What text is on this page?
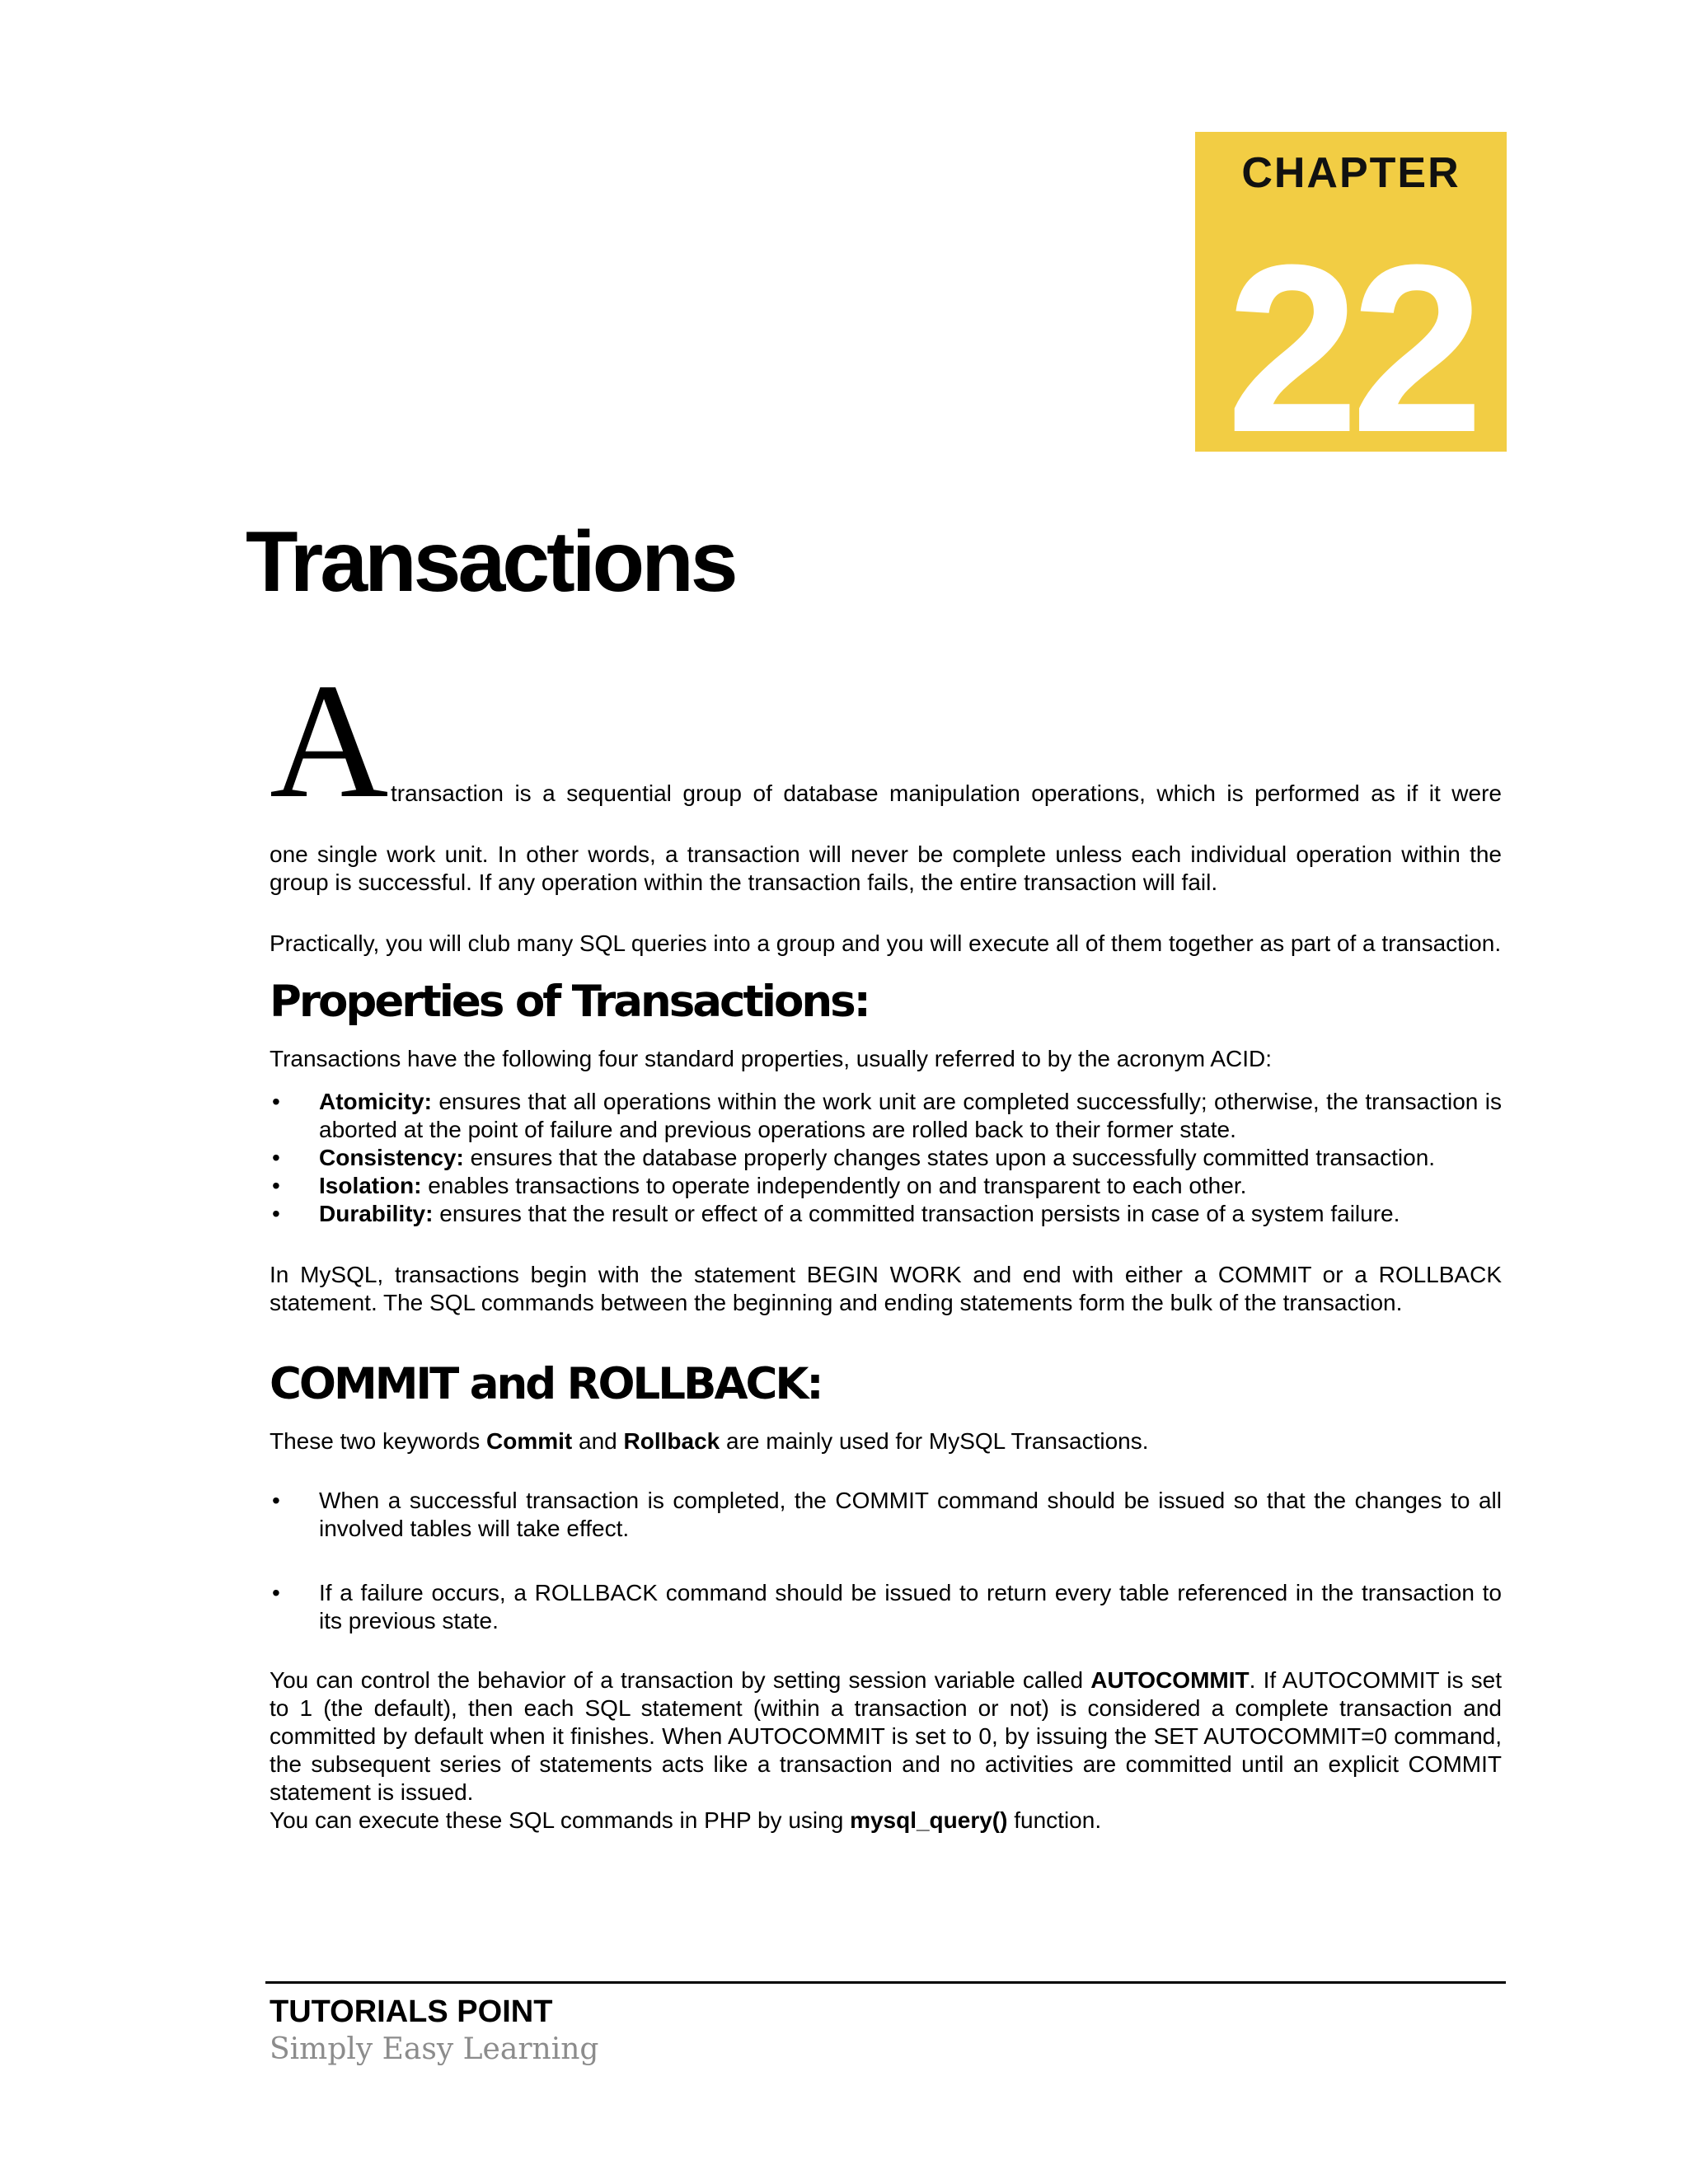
CHAPTER
22
Transactions
A transaction is a sequential group of database manipulation operations, which is performed as if it were

one single work unit. In other words, a transaction will never be complete unless each individual operation within the group is successful. If any operation within the transaction fails, the entire transaction will fail.

Practically, you will club many SQL queries into a group and you will execute all of them together as part of a transaction.

Properties of Transactions:

Transactions have the following four standard properties, usually referred to by the acronym ACID:

• Atomicity: ensures that all operations within the work unit are completed successfully; otherwise, the transaction is aborted at the point of failure and previous operations are rolled back to their former state.
• Consistency: ensures that the database properly changes states upon a successfully committed transaction.
• Isolation: enables transactions to operate independently on and transparent to each other.
• Durability: ensures that the result or effect of a committed transaction persists in case of a system failure.

In MySQL, transactions begin with the statement BEGIN WORK and end with either a COMMIT or a ROLLBACK statement. The SQL commands between the beginning and ending statements form the bulk of the transaction.

COMMIT and ROLLBACK:

These two keywords Commit and Rollback are mainly used for MySQL Transactions.

• When a successful transaction is completed, the COMMIT command should be issued so that the changes to all involved tables will take effect.
• If a failure occurs, a ROLLBACK command should be issued to return every table referenced in the transaction to its previous state.

You can control the behavior of a transaction by setting session variable called AUTOCOMMIT. If AUTOCOMMIT is set to 1 (the default), then each SQL statement (within a transaction or not) is considered a complete transaction and committed by default when it finishes. When AUTOCOMMIT is set to 0, by issuing the SET AUTOCOMMIT=0 command, the subsequent series of statements acts like a transaction and no activities are committed until an explicit COMMIT statement is issued.

You can execute these SQL commands in PHP by using mysql_query() function.

TUTORIALS POINT
Simply Easy Learning
